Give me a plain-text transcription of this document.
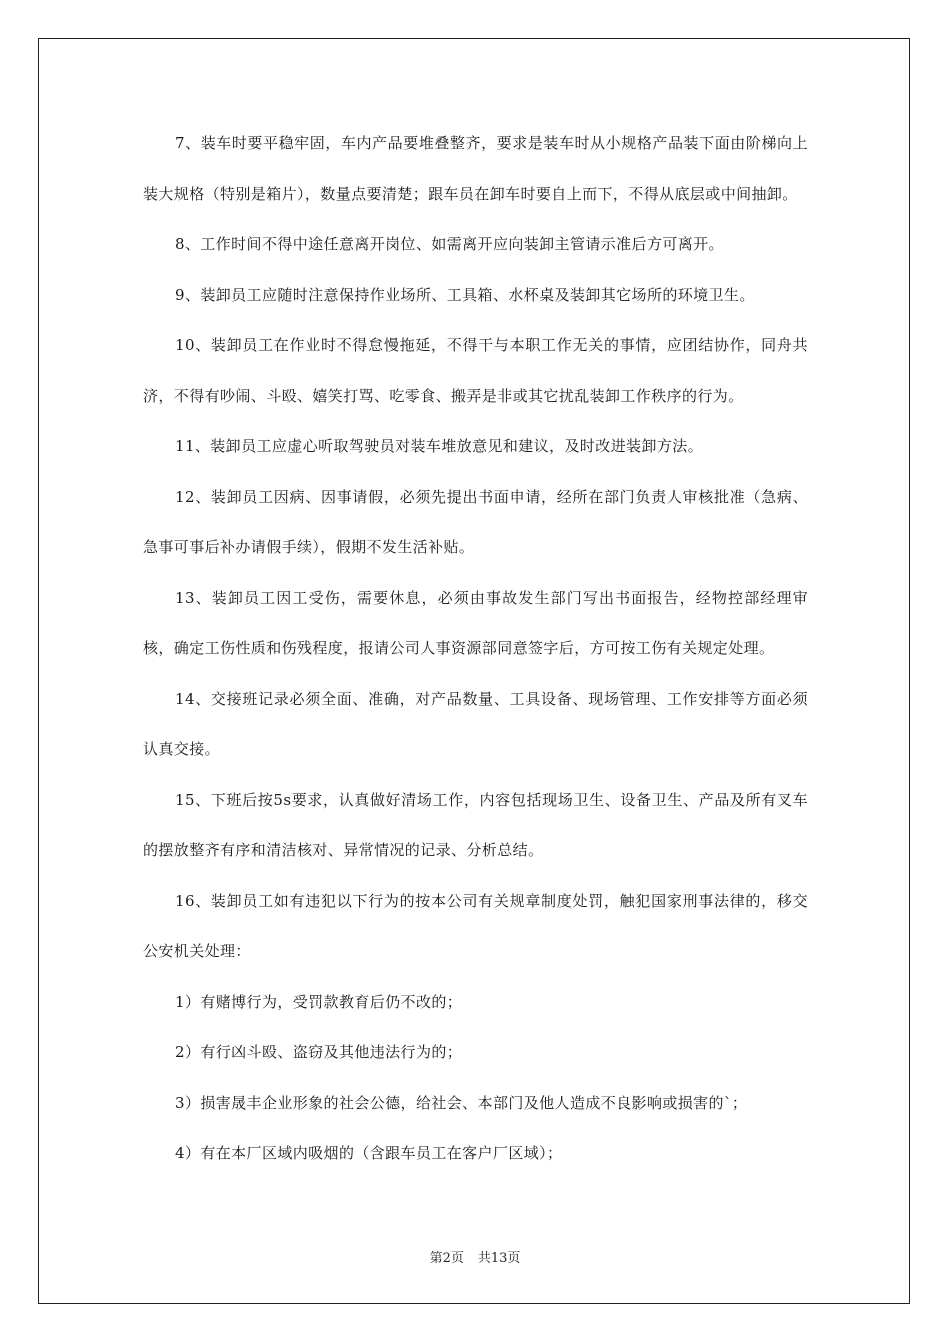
7、装车时要平稳牢固，车内产品要堆叠整齐，要求是装车时从小规格产品装下面由阶梯向上装大规格（特别是箱片），数量点要清楚；跟车员在卸车时要自上而下，不得从底层或中间抽卸。

8、工作时间不得中途任意离开岗位、如需离开应向装卸主管请示准后方可离开。

9、装卸员工应随时注意保持作业场所、工具箱、水杯桌及装卸其它场所的环境卫生。

10、装卸员工在作业时不得怠慢拖延，不得干与本职工作无关的事情，应团结协作，同舟共济，不得有吵闹、斗殴、嬉笑打骂、吃零食、搬弄是非或其它扰乱装卸工作秩序的行为。

11、装卸员工应虚心听取驾驶员对装车堆放意见和建议，及时改进装卸方法。

12、装卸员工因病、因事请假，必须先提出书面申请，经所在部门负责人审核批准（急病、急事可事后补办请假手续），假期不发生活补贴。

13、装卸员工因工受伤，需要休息，必须由事故发生部门写出书面报告，经物控部经理审核，确定工伤性质和伤残程度，报请公司人事资源部同意签字后，方可按工伤有关规定处理。

14、交接班记录必须全面、准确，对产品数量、工具设备、现场管理、工作安排等方面必须认真交接。

15、下班后按5s要求，认真做好清场工作，内容包括现场卫生、设备卫生、产品及所有叉车的摆放整齐有序和清洁核对、异常情况的记录、分析总结。

16、装卸员工如有违犯以下行为的按本公司有关规章制度处罚，触犯国家刑事法律的，移交公安机关处理：

1）有赌博行为，受罚款教育后仍不改的；

2）有行凶斗殴、盗窃及其他违法行为的；

3）损害晟丰企业形象的社会公德，给社会、本部门及他人造成不良影响或损害的`；

4）有在本厂区域内吸烟的（含跟车员工在客户厂区域）；

第2页 共13页
